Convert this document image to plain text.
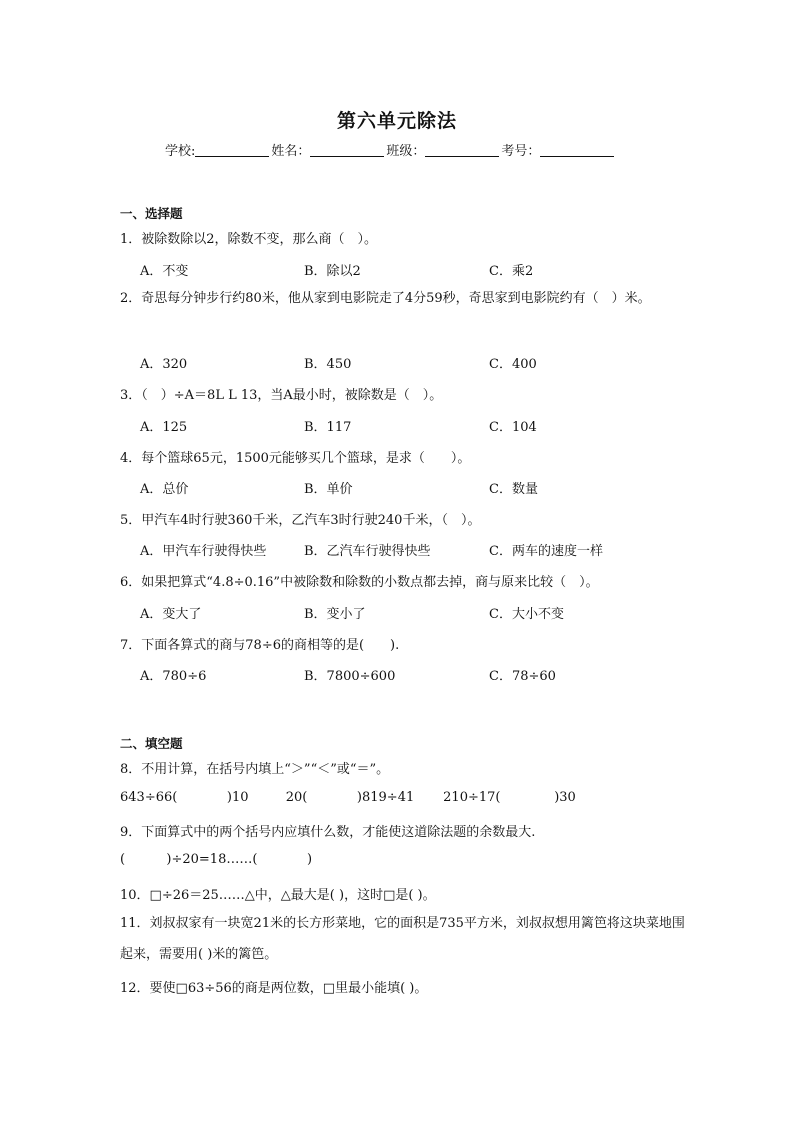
第六单元除法
学校:	姓名：	班级：	考号：
一、选择题
1．被除数除以2，除数不变，那么商（　）。
A．不变	B．除以2	C．乘2
2．奇思每分钟步行约80米，他从家到电影院走了4分59秒，奇思家到电影院约有（　）米。
A．320	B．450	C．400
3．（　）÷A＝8L L 13，当A最小时，被除数是（　）。
A．125	B．117	C．104
4．每个篮球65元，1500元能够买几个篮球，是求（　　）。
A．总价	B．单价	C．数量
5．甲汽车4时行驶360千米，乙汽车3时行驶240千米，（　）。
A．甲汽车行驶得快些	B．乙汽车行驶得快些	C．两车的速度一样
6．如果把算式“4.8÷0.16”中被除数和除数的小数点都去掉，商与原来比较（　）。
A．变大了	B．变小了	C．大小不变
7．下面各算式的商与78÷6的商相等的是(　　).
A．780÷6	B．7800÷600	C．78÷60
二、填空题
8．不用计算，在括号内填上“＞”“＜”或“＝”。
643÷66(            )10         20(            )819÷41       210÷17(             )30
9．下面算式中的两个括号内应填什么数，才能使这道除法题的余数最大.
(          )÷20=18……(            )
10．□÷26＝25……△中，△最大是( )，这时□是( )。
11．刘叔叔家有一块宽21米的长方形菜地，它的面积是735平方米，刘叔叔想用篱笆将这块菜地围起来，需要用( )米的篱笆。
12．要使□63÷56的商是两位数，□里最小能填( )。
